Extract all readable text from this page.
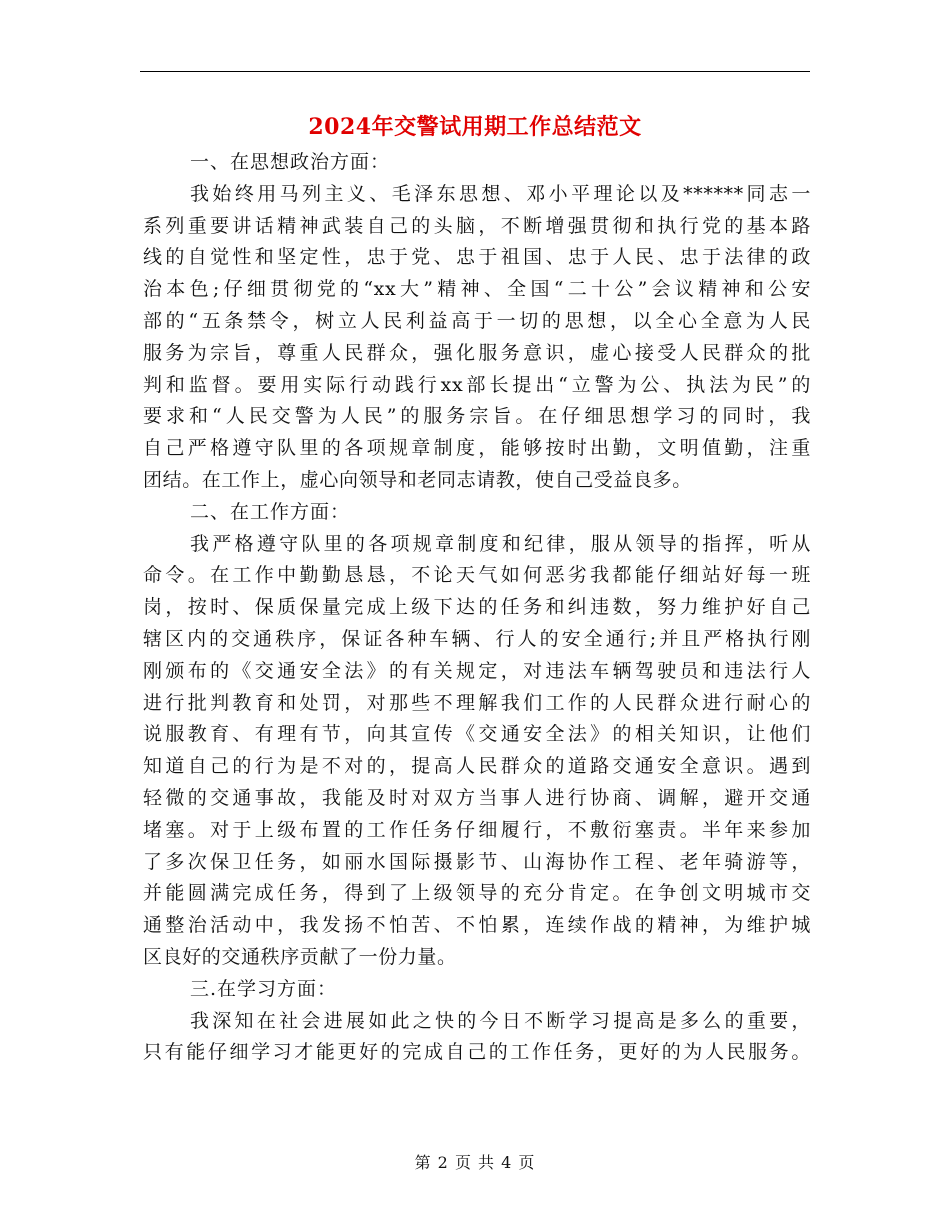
2024年交警试用期工作总结范文

一、在思想政治方面：

我始终用马列主义、毛泽东思想、邓小平理论以及******同志一
系列重要讲话精神武装自己的头脑，不断增强贯彻和执行党的基本路
线的自觉性和坚定性，忠于党、忠于祖国、忠于人民、忠于法律的政
治本色;仔细贯彻党的“xx大”精神、全国“二十公”会议精神和公安
部的“五条禁令，树立人民利益高于一切的思想，以全心全意为人民
服务为宗旨，尊重人民群众，强化服务意识，虚心接受人民群众的批
判和监督。要用实际行动践行xx部长提出“立警为公、执法为民”的
要求和“人民交警为人民”的服务宗旨。在仔细思想学习的同时，我
自己严格遵守队里的各项规章制度，能够按时出勤，文明值勤，注重
团结。在工作上，虚心向领导和老同志请教，使自己受益良多。

二、在工作方面：

我严格遵守队里的各项规章制度和纪律，服从领导的指挥，听从
命令。在工作中勤勤恳恳，不论天气如何恶劣我都能仔细站好每一班
岗，按时、保质保量完成上级下达的任务和纠违数，努力维护好自己
辖区内的交通秩序，保证各种车辆、行人的安全通行;并且严格执行刚
刚颁布的《交通安全法》的有关规定，对违法车辆驾驶员和违法行人
进行批判教育和处罚，对那些不理解我们工作的人民群众进行耐心的
说服教育、有理有节，向其宣传《交通安全法》的相关知识，让他们
知道自己的行为是不对的，提高人民群众的道路交通安全意识。遇到
轻微的交通事故，我能及时对双方当事人进行协商、调解，避开交通
堵塞。对于上级布置的工作任务仔细履行，不敷衍塞责。半年来参加
了多次保卫任务，如丽水国际摄影节、山海协作工程、老年骑游等，
并能圆满完成任务，得到了上级领导的充分肯定。在争创文明城市交
通整治活动中，我发扬不怕苦、不怕累，连续作战的精神，为维护城
区良好的交通秩序贡献了一份力量。

三.在学习方面：

我深知在社会进展如此之快的今日不断学习提高是多么的重要，
只有能仔细学习才能更好的完成自己的工作任务，更好的为人民服务。
第 2 页 共 4 页
